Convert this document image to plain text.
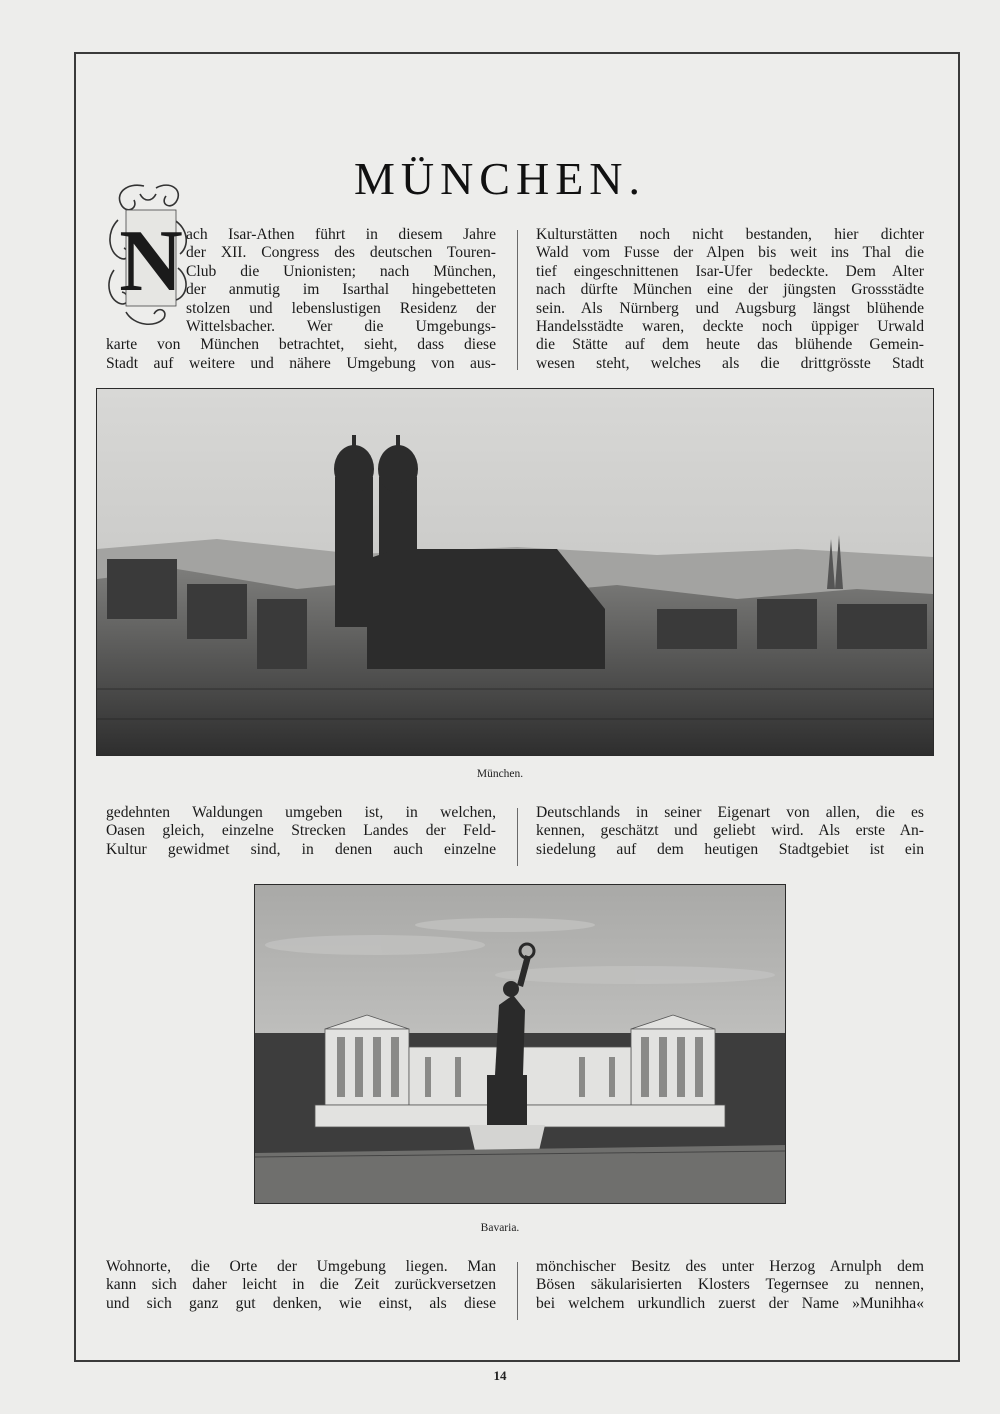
MÜNCHEN.
N ach Isar-Athen führt in diesem Jahre
der XII. Congress des deutschen Touren-
Club die Unionisten; nach München,
der anmutig im Isarthal hingebetteten
stolzen und lebenslustigen Residenz der
Wittelsbacher. Wer die Umgebungs-
karte von München betrachtet, sieht, dass diese
Stadt auf weitere und nähere Umgebung von aus-
Kulturstätten noch nicht bestanden, hier dichter
Wald vom Fusse der Alpen bis weit ins Thal die
tief eingeschnittenen Isar-Ufer bedeckte. Dem Alter
nach dürfte München eine der jüngsten Grossstädte
sein. Als Nürnberg und Augsburg längst blühende
Handelsstädte waren, deckte noch üppiger Urwald
die Stätte auf dem heute das blühende Gemein-
wesen steht, welches als die drittgrösste Stadt
München.
gedehnten Waldungen umgeben ist, in welchen,
Oasen gleich, einzelne Strecken Landes der Feld-
Kultur gewidmet sind, in denen auch einzelne
Deutschlands in seiner Eigenart von allen, die es
kennen, geschätzt und geliebt wird. Als erste An-
siedelung auf dem heutigen Stadtgebiet ist ein
Bavaria.
Wohnorte, die Orte der Umgebung liegen. Man
kann sich daher leicht in die Zeit zurückversetzen
und sich ganz gut denken, wie einst, als diese
mönchischer Besitz des unter Herzog Arnulph dem
Bösen säkularisierten Klosters Tegernsee zu nennen,
bei welchem urkundlich zuerst der Name »Munihha«
14
